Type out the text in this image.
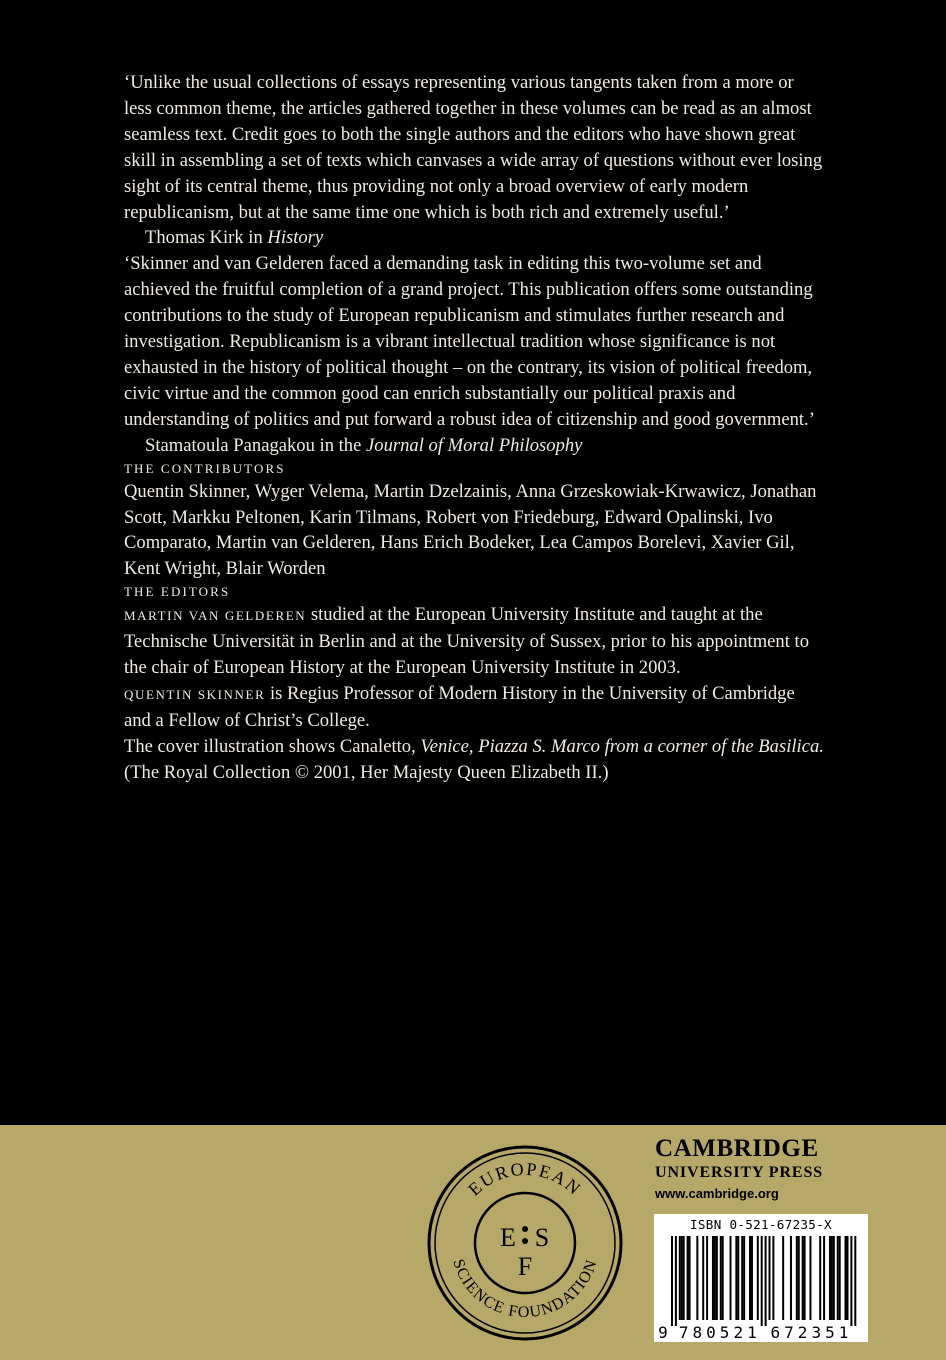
‘Unlike the usual collections of essays representing various tangents taken from a more or less common theme, the articles gathered together in these volumes can be read as an almost seamless text. Credit goes to both the single authors and the editors who have shown great skill in assembling a set of texts which canvases a wide array of questions without ever losing sight of its central theme, thus providing not only a broad overview of early modern republicanism, but at the same time one which is both rich and extremely useful.’

Thomas Kirk in History

‘Skinner and van Gelderen faced a demanding task in editing this two-volume set and achieved the fruitful completion of a grand project. This publication offers some outstanding contributions to the study of European republicanism and stimulates further research and investigation. Republicanism is a vibrant intellectual tradition whose significance is not exhausted in the history of political thought – on the contrary, its vision of political freedom, civic virtue and the common good can enrich substantially our political praxis and understanding of politics and put forward a robust idea of citizenship and good government.’

Stamatoula Panagakou in the Journal of Moral Philosophy

THE CONTRIBUTORS

Quentin Skinner, Wyger Velema, Martin Dzelzainis, Anna Grzeskowiak-Krwawicz, Jonathan Scott, Markku Peltonen, Karin Tilmans, Robert von Friedeburg, Edward Opalinski, Ivo Comparato, Martin van Gelderen, Hans Erich Bodeker, Lea Campos Borelevi, Xavier Gil, Kent Wright, Blair Worden

THE EDITORS

MARTIN VAN GELDEREN studied at the European University Institute and taught at the Technische Universität in Berlin and at the University of Sussex, prior to his appointment to the chair of European History at the European University Institute in 2003.

QUENTIN SKINNER is Regius Professor of Modern History in the University of Cambridge and a Fellow of Christ’s College.

The cover illustration shows Canaletto, Venice, Piazza S. Marco from a corner of the Basilica. (The Royal Collection © 2001, Her Majesty Queen Elizabeth II.)

EUROPEAN
SCIENCE FOUNDATION
E S
F
CAMBRIDGE
UNIVERSITY PRESS
www.cambridge.org
ISBN 0-521-67235-X
9 7 8 0 5 2 1 6 7 2 3 5 1
